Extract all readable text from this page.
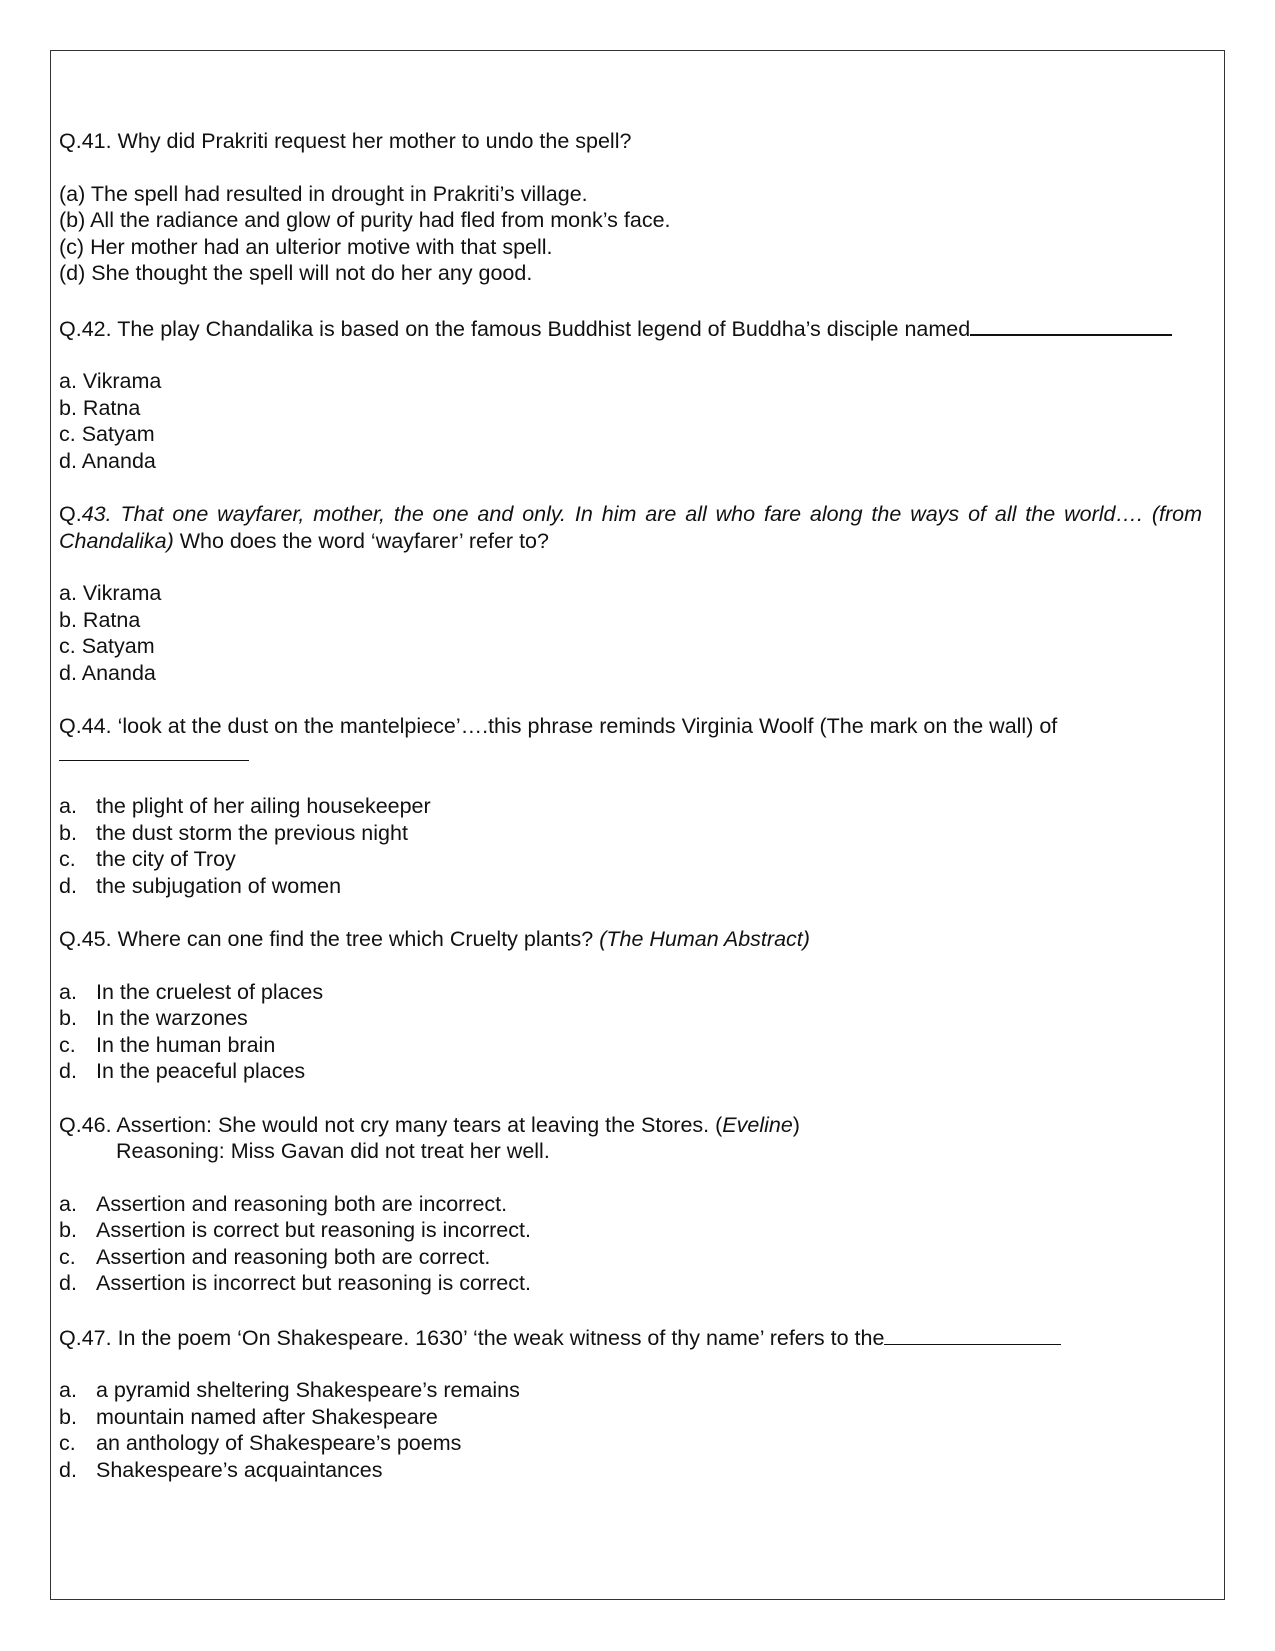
Q.41. Why did Prakriti request her mother to undo the spell?

(a) The spell had resulted in drought in Prakriti’s village.
(b) All the radiance and glow of purity had fled from monk’s face.
(c) Her mother had an ulterior motive with that spell.
(d) She thought the spell will not do her any good.

Q.42. The play Chandalika is based on the famous Buddhist legend of Buddha’s disciple named

a. Vikrama
b. Ratna
c. Satyam
d. Ananda

Q.43. That one wayfarer, mother, the one and only. In him are all who fare along the ways of all the world…. (from Chandalika) Who does the word ‘wayfarer’ refer to?

a. Vikrama
b. Ratna
c. Satyam
d. Ananda

Q.44. ‘look at the dust on the mantelpiece’….this phrase reminds Virginia Woolf (The mark on the wall) of

a. the plight of her ailing housekeeper
b. the dust storm the previous night
c. the city of Troy
d. the subjugation of women

Q.45. Where can one find the tree which Cruelty plants? (The Human Abstract)

a. In the cruelest of places
b. In the warzones
c. In the human brain
d. In the peaceful places

Q.46. Assertion: She would not cry many tears at leaving the Stores. (Eveline)
Reasoning: Miss Gavan did not treat her well.

a. Assertion and reasoning both are incorrect.
b. Assertion is correct but reasoning is incorrect.
c. Assertion and reasoning both are correct.
d. Assertion is incorrect but reasoning is correct.

Q.47. In the poem ‘On Shakespeare. 1630’ ‘the weak witness of thy name’ refers to the

a. a pyramid sheltering Shakespeare’s remains
b. mountain named after Shakespeare
c. an anthology of Shakespeare’s poems
d. Shakespeare’s acquaintances
